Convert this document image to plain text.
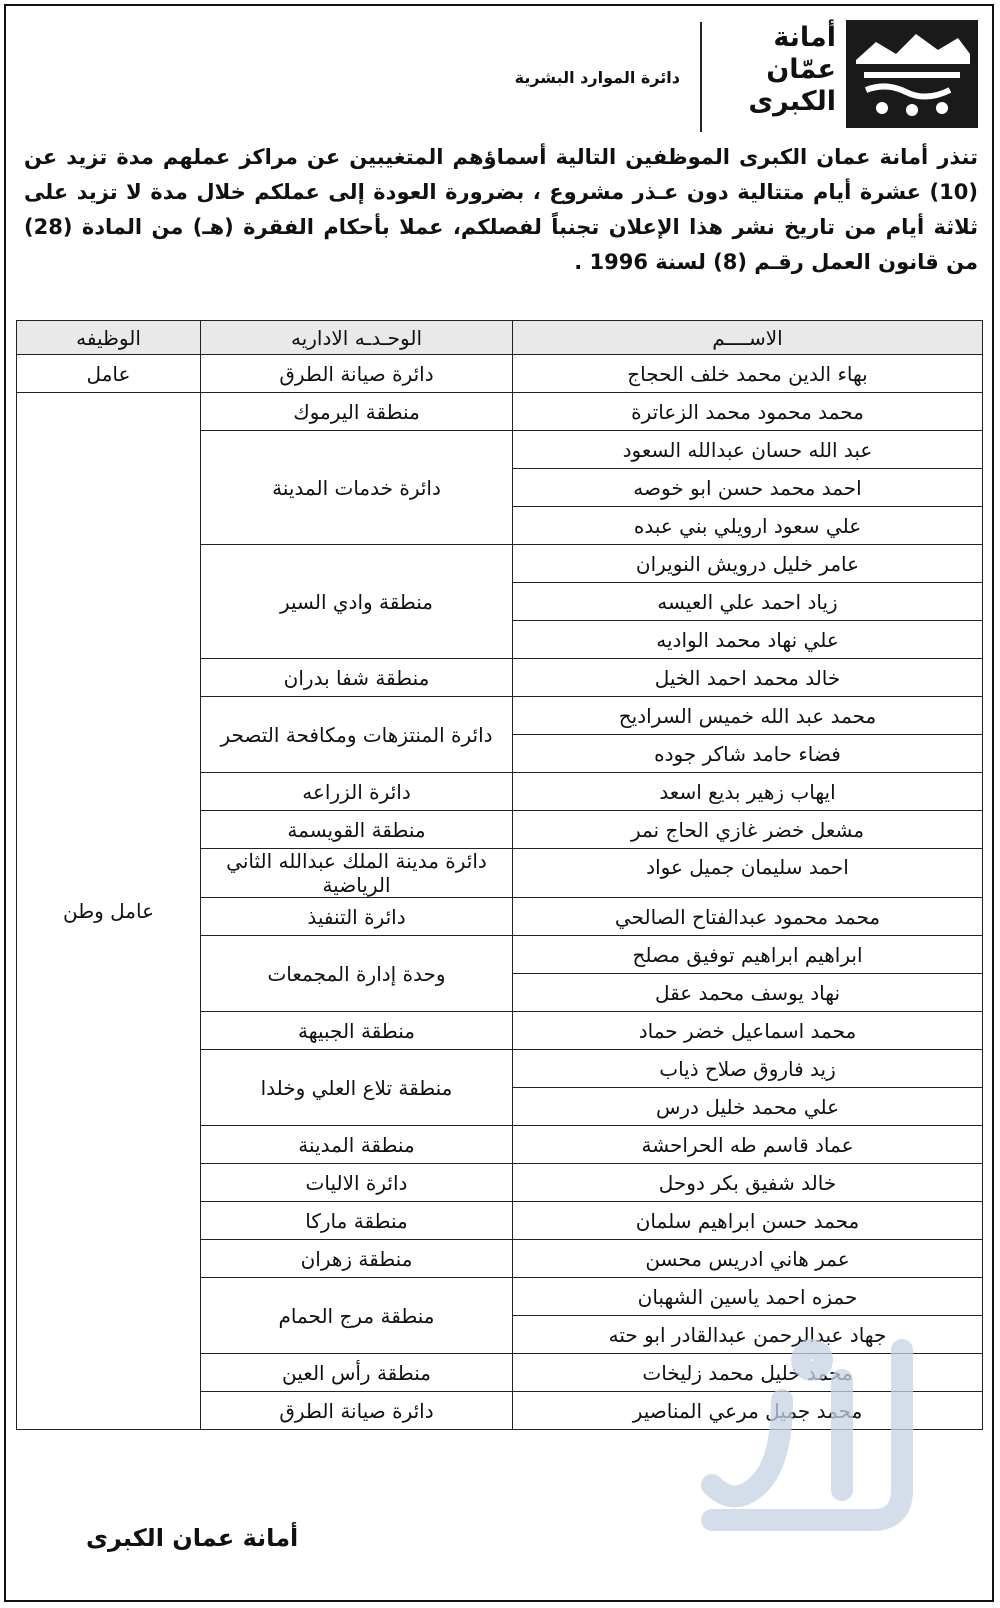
أمانة عمّان الكبرى
دائرة الموارد البشرية
تنذر أمانة عمان الكبرى الموظفين التالية أسماؤهم المتغيبين عن مراكز عملهم مدة تزيد عن (10) عشرة أيام متتالية دون عـذر مشروع ، بضرورة العودة إلى عملكم خلال مدة لا تزيد على ثلاثة أيام من تاريخ نشر هذا الإعلان تجنباً لفصلكم، عملا بأحكام الفقرة (هـ) من المادة (28) من قانون العمل رقـم (8) لسنة 1996 .
الاســــم	الوحـدـه الاداريه	الوظيفه
بهاء الدين محمد خلف الحجاج	دائرة صيانة الطرق	عامل
محمد محمود محمد الزعاترة	منطقة اليرموك	عامل وطن
عبد الله حسان عبدالله السعود	دائرة خدمات المدينة	
احمد محمد حسن ابو خوصه		
علي سعود ارويلي بني عبده		
عامر خليل درويش النويران	منطقة وادي السير	
زياد احمد علي العيسه		
علي نهاد محمد الواديه		
خالد محمد احمد الخيل	منطقة شفا بدران	
محمد عبد الله خميس السراديح	دائرة المنتزهات ومكافحة التصحر	
فضاء حامد شاكر جوده		
ايهاب زهير بديع اسعد	دائرة الزراعه	
مشعل خضر غازي الحاج نمر	منطقة القويسمة	
احمد سليمان جميل عواد	دائرة مدينة الملك عبدالله الثاني الرياضية	
محمد محمود عبدالفتاح الصالحي	دائرة التنفيذ	
ابراهيم ابراهيم توفيق مصلح	وحدة إدارة المجمعات	
نهاد يوسف محمد عقل		
محمد اسماعيل خضر حماد	منطقة الجبيهة	
زيد فاروق صلاح ذياب	منطقة تلاع العلي وخلدا	
علي محمد خليل درس		
عماد قاسم طه الحراحشة	منطقة المدينة	
خالد شفيق بكر دوحل	دائرة الاليات	
محمد حسن ابراهيم سلمان	منطقة ماركا	
عمر هاني ادريس محسن	منطقة زهران	
حمزه احمد ياسين الشهبان	منطقة مرج الحمام	
جهاد عبدالرحمن عبدالقادر ابو حته		
محمد خليل محمد زليخات	منطقة رأس العين	
محمد جميل مرعي المناصير	دائرة صيانة الطرق	
أمانة عمان الكبرى
